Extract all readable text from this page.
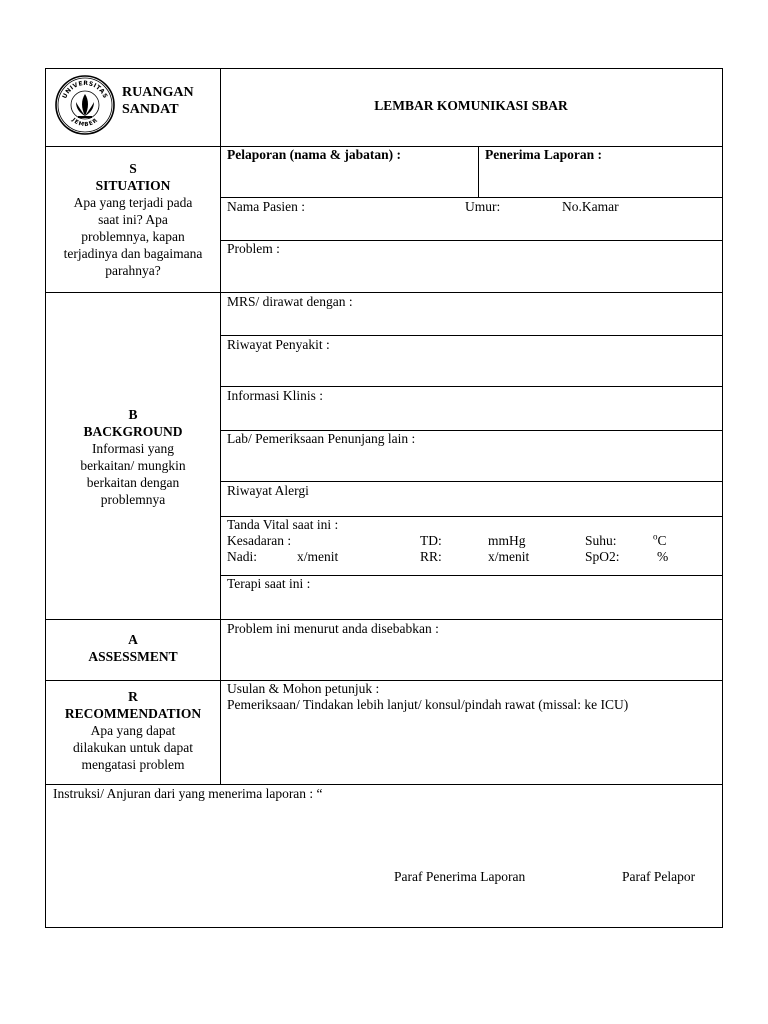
UNIVERSITAS
JEMBER
RUANGAN
SANDAT	LEMBAR KOMUNIKASI SBAR
S
SITUATION
Apa yang terjadi pada
saat ini? Apa
problemnya, kapan
terjadinya dan bagaimana
parahnya?
Pelaporan (nama & jabatan) :	Penerima Laporan :
Nama Pasien :	Umur:	No.Kamar
Problem :
B
BACKGROUND
Informasi yang
berkaitan/ mungkin
berkaitan dengan
problemnya
MRS/ dirawat dengan :
Riwayat Penyakit :
Informasi Klinis :
Lab/ Pemeriksaan Penunjang lain :
Riwayat Alergi
Tanda Vital saat ini :
Kesadaran :	TD:	mmHg	Suhu:	$^o$C
Nadi:	x/menit	RR:	x/menit	SpO2:	%
Terapi saat ini :
A
ASSESSMENT
Problem ini menurut anda disebabkan :
R
RECOMMENDATION
Apa yang dapat
dilakukan untuk dapat
mengatasi problem
Usulan & Mohon petunjuk :
Pemeriksaan/ Tindakan lebih lanjut/ konsul/pindah rawat (missal: ke ICU)
Instruksi/ Anjuran dari yang menerima laporan : “
Paraf Penerima Laporan	Paraf Pelapor
